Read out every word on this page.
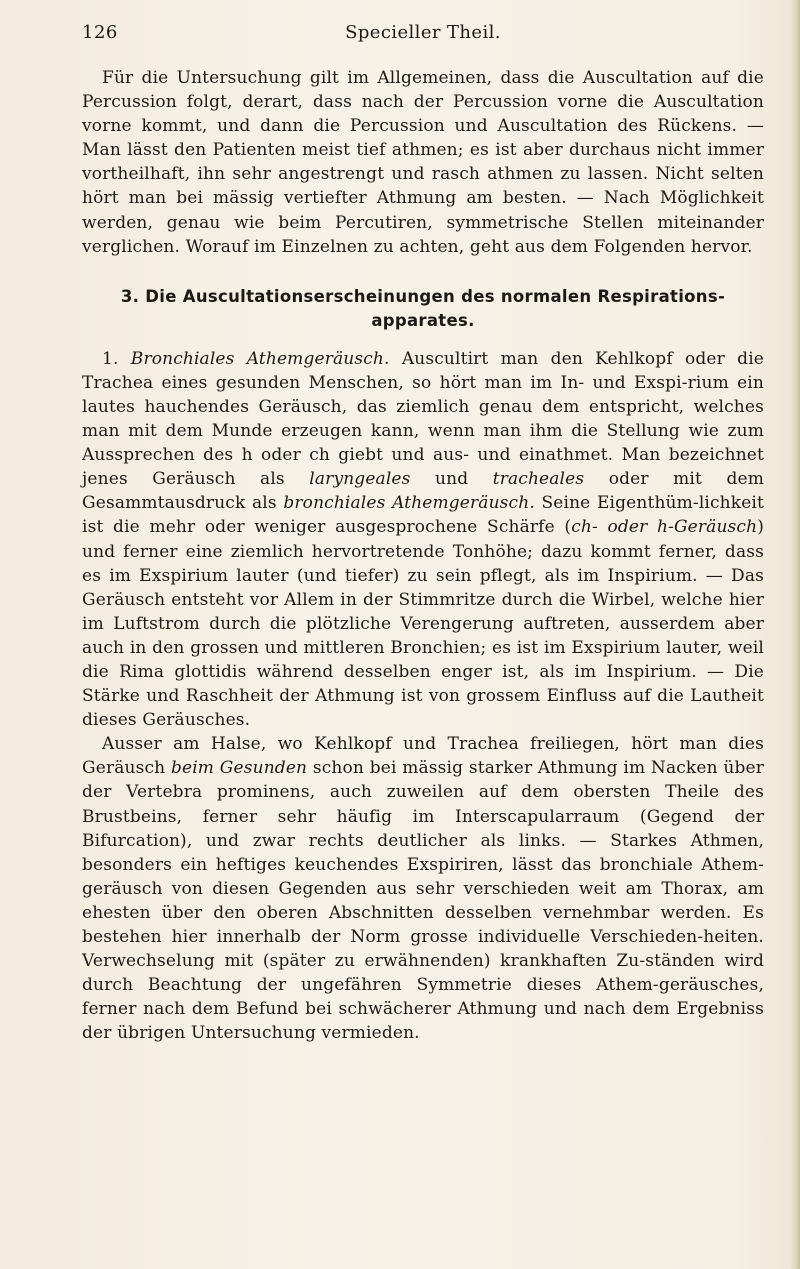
126	Specieller Theil.

Für die Untersuchung gilt im Allgemeinen, dass die Auscultation auf die Percussion folgt, derart, dass nach der Percussion vorne die Auscultation vorne kommt, und dann die Percussion und Auscultation des Rückens. — Man lässt den Patienten meist tief athmen; es ist aber durchaus nicht immer vortheilhaft, ihn sehr angestrengt und rasch athmen zu lassen. Nicht selten hört man bei mässig vertiefter Athmung am besten. — Nach Möglichkeit werden, genau wie beim Percutiren, symmetrische Stellen miteinander verglichen. Worauf im Einzelnen zu achten, geht aus dem Folgenden hervor.

3. Die Auscultationserscheinungen des normalen Respirations-apparates.

1. Bronchiales Athemgeräusch. Auscultirt man den Kehlkopf oder die Trachea eines gesunden Menschen, so hört man im In- und Exspi-rium ein lautes hauchendes Geräusch, das ziemlich genau dem entspricht, welches man mit dem Munde erzeugen kann, wenn man ihm die Stellung wie zum Aussprechen des h oder ch giebt und aus- und einathmet. Man bezeichnet jenes Geräusch als laryngeales und tracheales oder mit dem Gesammtausdruck als bronchiales Athemgeräusch. Seine Eigenthüm-lichkeit ist die mehr oder weniger ausgesprochene Schärfe (ch- oder h-Geräusch) und ferner eine ziemlich hervortretende Tonhöhe; dazu kommt ferner, dass es im Exspirium lauter (und tiefer) zu sein pflegt, als im Inspirium. — Das Geräusch entsteht vor Allem in der Stimmritze durch die Wirbel, welche hier im Luftstrom durch die plötzliche Verengerung auftreten, ausserdem aber auch in den grossen und mittleren Bronchien; es ist im Exspirium lauter, weil die Rima glottidis während desselben enger ist, als im Inspirium. — Die Stärke und Raschheit der Athmung ist von grossem Einfluss auf die Lautheit dieses Geräusches.

Ausser am Halse, wo Kehlkopf und Trachea freiliegen, hört man dies Geräusch beim Gesunden schon bei mässig starker Athmung im Nacken über der Vertebra prominens, auch zuweilen auf dem obersten Theile des Brustbeins, ferner sehr häufig im Interscapularraum (Gegend der Bifurcation), und zwar rechts deutlicher als links. — Starkes Athmen, besonders ein heftiges keuchendes Exspiriren, lässt das bronchiale Athem-geräusch von diesen Gegenden aus sehr verschieden weit am Thorax, am ehesten über den oberen Abschnitten desselben vernehmbar werden. Es bestehen hier innerhalb der Norm grosse individuelle Verschieden-heiten. Verwechselung mit (später zu erwähnenden) krankhaften Zu-ständen wird durch Beachtung der ungefähren Symmetrie dieses Athem-geräusches, ferner nach dem Befund bei schwächerer Athmung und nach dem Ergebniss der übrigen Untersuchung vermieden.
